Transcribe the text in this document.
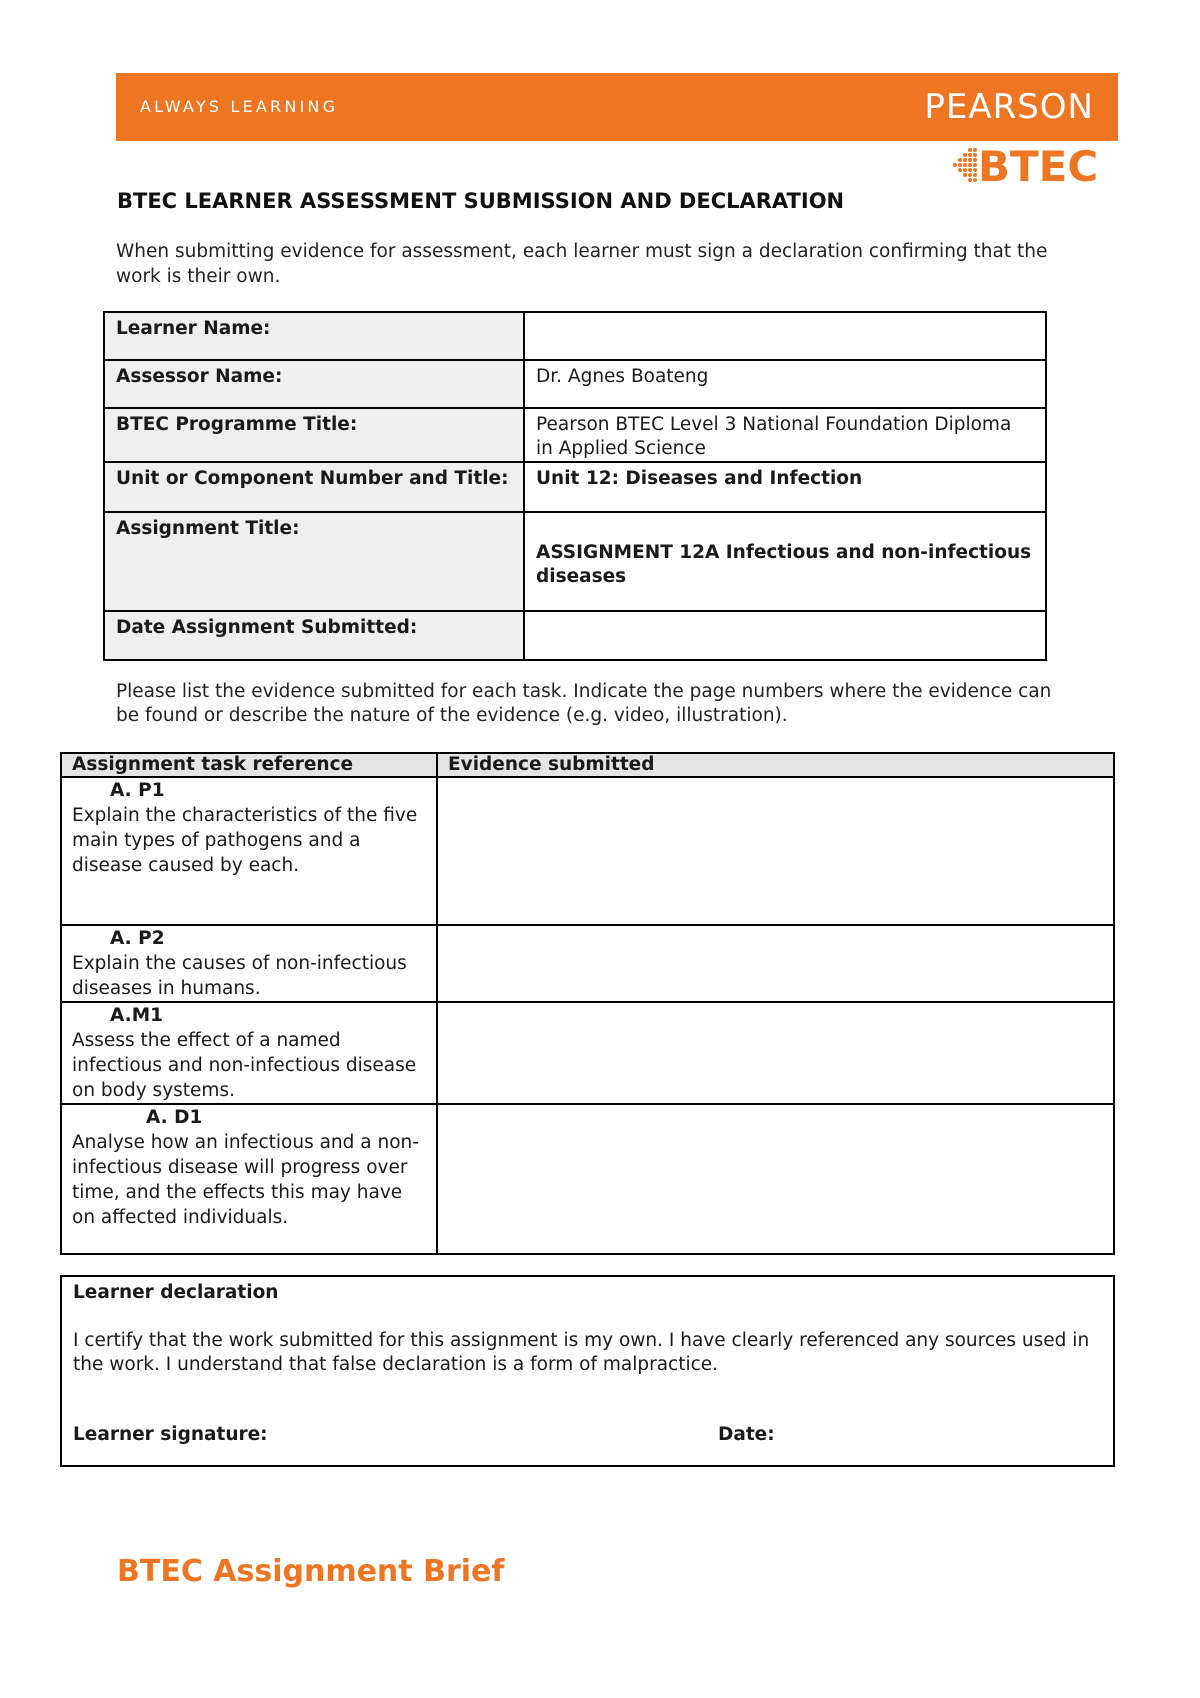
ALWAYS LEARNING	PEARSON
BTEC
BTEC LEARNER ASSESSMENT SUBMISSION AND DECLARATION
When submitting evidence for assessment, each learner must sign a declaration confirming that the work is their own.
Learner Name:	
Assessor Name:	Dr. Agnes Boateng
BTEC Programme Title:	Pearson BTEC Level 3 National Foundation Diploma in Applied Science
Unit or Component Number and Title:	Unit 12: Diseases and Infection
Assignment Title:	ASSIGNMENT 12A Infectious and non-infectious diseases
Date Assignment Submitted:	
Please list the evidence submitted for each task. Indicate the page numbers where the evidence can be found or describe the nature of the evidence (e.g. video, illustration).
Assignment task reference	Evidence submitted

A. P1
Explain the characteristics of the five main types of pathogens and a disease caused by each.	

A. P2
Explain the causes of non-infectious diseases in humans.	

A.M1
Assess the effect of a named infectious and non-infectious disease on body systems.	

A. D1
Analyse how an infectious and a non-infectious disease will progress over time, and the effects this may have on affected individuals.	
Learner declaration
I certify that the work submitted for this assignment is my own. I have clearly referenced any sources used in the work. I understand that false declaration is a form of malpractice.
Learner signature:	Date:
BTEC Assignment Brief
